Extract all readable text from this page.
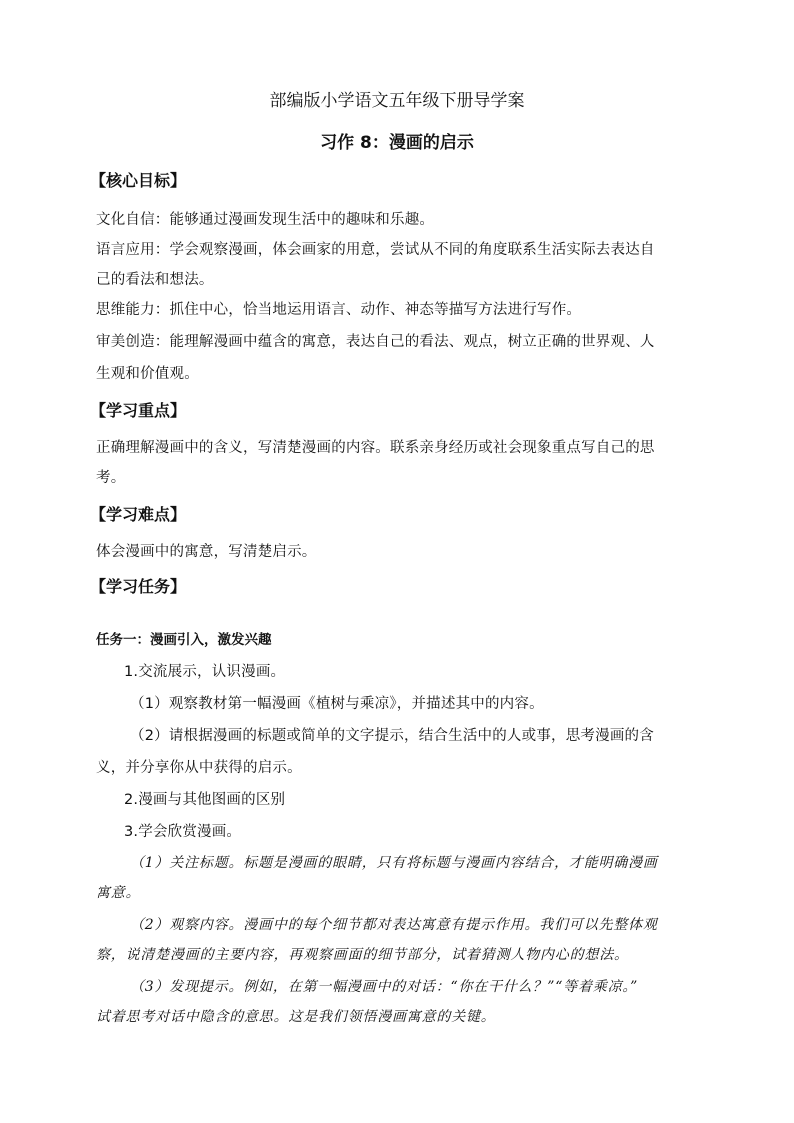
部编版小学语文五年级下册导学案
习作 8：漫画的启示
【核心目标】
文化自信：能够通过漫画发现生活中的趣味和乐趣。
语言应用：学会观察漫画，体会画家的用意，尝试从不同的角度联系生活实际去表达自
己的看法和想法。
思维能力：抓住中心，恰当地运用语言、动作、神态等描写方法进行写作。
审美创造：能理解漫画中蕴含的寓意，表达自己的看法、观点，树立正确的世界观、人
生观和价值观。
【学习重点】
正确理解漫画中的含义，写清楚漫画的内容。联系亲身经历或社会现象重点写自己的思
考。
【学习难点】
体会漫画中的寓意，写清楚启示。
【学习任务】
任务一：漫画引入，激发兴趣
1.交流展示，认识漫画。
（1）观察教材第一幅漫画《植树与乘凉》，并描述其中的内容。
（2）请根据漫画的标题或简单的文字提示，结合生活中的人或事，思考漫画的含
义，并分享你从中获得的启示。
2.漫画与其他图画的区别
3.学会欣赏漫画。
（1）关注标题。标题是漫画的眼睛，只有将标题与漫画内容结合，才能明确漫画
寓意。
（2）观察内容。漫画中的每个细节都对表达寓意有提示作用。我们可以先整体观
察，说清楚漫画的主要内容，再观察画面的细节部分，试着猜测人物内心的想法。
（3）发现提示。例如，在第一幅漫画中的对话：“你在干什么？”“等着乘凉。”
试着思考对话中隐含的意思。这是我们领悟漫画寓意的关键。
